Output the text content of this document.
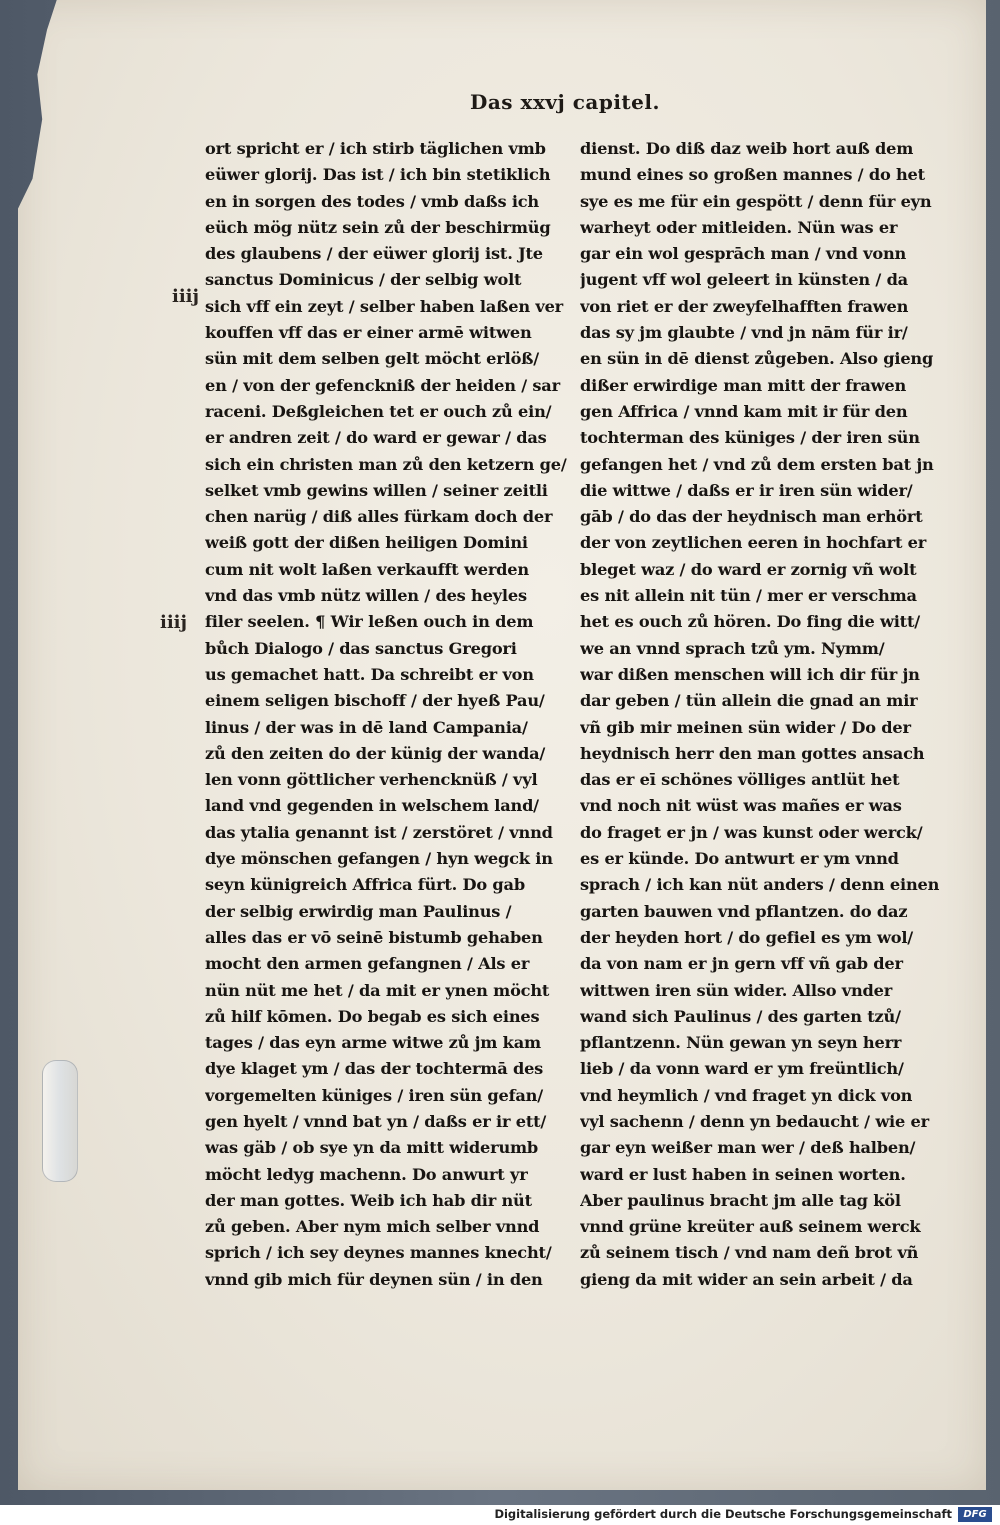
Das xxvj capitel.
iiij
iiij
ort spricht er / ich stirb täglichen vmb
eüwer glorij. Das ist / ich bin stetiklich
en in sorgen des todes / vmb daßs ich
eüch mög nütz sein zů der beschirmüg
des glaubens / der eüwer glorij ist. Jte
sanctus Dominicus / der selbig wolt
sich vff ein zeyt / selber haben laßen ver
kouffen vff das er einer armē witwen
sün mit dem selben gelt möcht erlöß/
en / von der gefenckniß der heiden / sar
raceni. Deßgleichen tet er ouch zů ein/
er andren zeit / do ward er gewar / das
sich ein christen man zů den ketzern ge/
selket vmb gewins willen / seiner zeitli
chen narüg / diß alles fürkam doch der
weiß gott der dißen heiligen Domini
cum nit wolt laßen verkaufft werden
vnd das vmb nütz willen / des heyles
filer seelen. ¶ Wir leßen ouch in dem
bůch Dialogo / das sanctus Gregori
us gemachet hatt. Da schreibt er von
einem seligen bischoff / der hyeß Pau/
linus / der was in dē land Campania/
zů den zeiten do der künig der wanda/
len vonn göttlicher verhencknüß / vyl
land vnd gegenden in welschem land/
das ytalia genannt ist / zerstöret / vnnd
dye mönschen gefangen / hyn wegck in
seyn künigreich Affrica fürt. Do gab
der selbig erwirdig man Paulinus /
alles das er vō seinē bistumb gehaben
mocht den armen gefangnen / Als er
nün nüt me het / da mit er ynen möcht
zů hilf kōmen. Do begab es sich eines
tages / das eyn arme witwe zů jm kam
dye klaget ym / das der tochtermā des
vorgemelten küniges / iren sün gefan/
gen hyelt / vnnd bat yn / daßs er ir ett/
was gäb / ob sye yn da mitt widerumb
möcht ledyg machenn. Do anwurt yr
der man gottes. Weib ich hab dir nüt
zů geben. Aber nym mich selber vnnd
sprich / ich sey deynes mannes knecht/
vnnd gib mich für deynen sün / in den
dienst. Do diß daz weib hort auß dem
mund eines so großen mannes / do het
sye es me für ein gespött / denn für eyn
warheyt oder mitleiden. Nün was er
gar ein wol gesprāch man / vnd vonn
jugent vff wol geleert in künsten / da
von riet er der zweyfelhafften frawen
das sy jm glaubte / vnd jn nām für ir/
en sün in dē dienst zůgeben. Also gieng
dißer erwirdige man mitt der frawen
gen Affrica / vnnd kam mit ir für den
tochterman des küniges / der iren sün
gefangen het / vnd zů dem ersten bat jn
die wittwe / daßs er ir iren sün wider/
gāb / do das der heydnisch man erhört
der von zeytlichen eeren in hochfart er
bleget waz / do ward er zornig vñ wolt
es nit allein nit tün / mer er verschma
het es ouch zů hören. Do fing die witt/
we an vnnd sprach tzů ym. Nymm/
war dißen menschen will ich dir für jn
dar geben / tün allein die gnad an mir
vñ gib mir meinen sün wider / Do der
heydnisch herr den man gottes ansach
das er eī schönes völliges antlüt het
vnd noch nit wüst was mañes er was
do fraget er jn / was kunst oder werck/
es er künde. Do antwurt er ym vnnd
sprach / ich kan nüt anders / denn einen
garten bauwen vnd pflantzen. do daz
der heyden hort / do gefiel es ym wol/
da von nam er jn gern vff vñ gab der
wittwen iren sün wider. Allso vnder
wand sich Paulinus / des garten tzů/
pflantzenn. Nün gewan yn seyn herr
lieb / da vonn ward er ym freüntlich/
vnd heymlich / vnd fraget yn dick von
vyl sachenn / denn yn bedaucht / wie er
gar eyn weißer man wer / deß halben/
ward er lust haben in seinen worten.
Aber paulinus bracht jm alle tag köl
vnnd grüne kreüter auß seinem werck
zů seinem tisch / vnd nam deñ brot vñ
gieng da mit wider an sein arbeit / da
Digitalisierung gefördert durch die Deutsche Forschungsgemeinschaft	DFG
